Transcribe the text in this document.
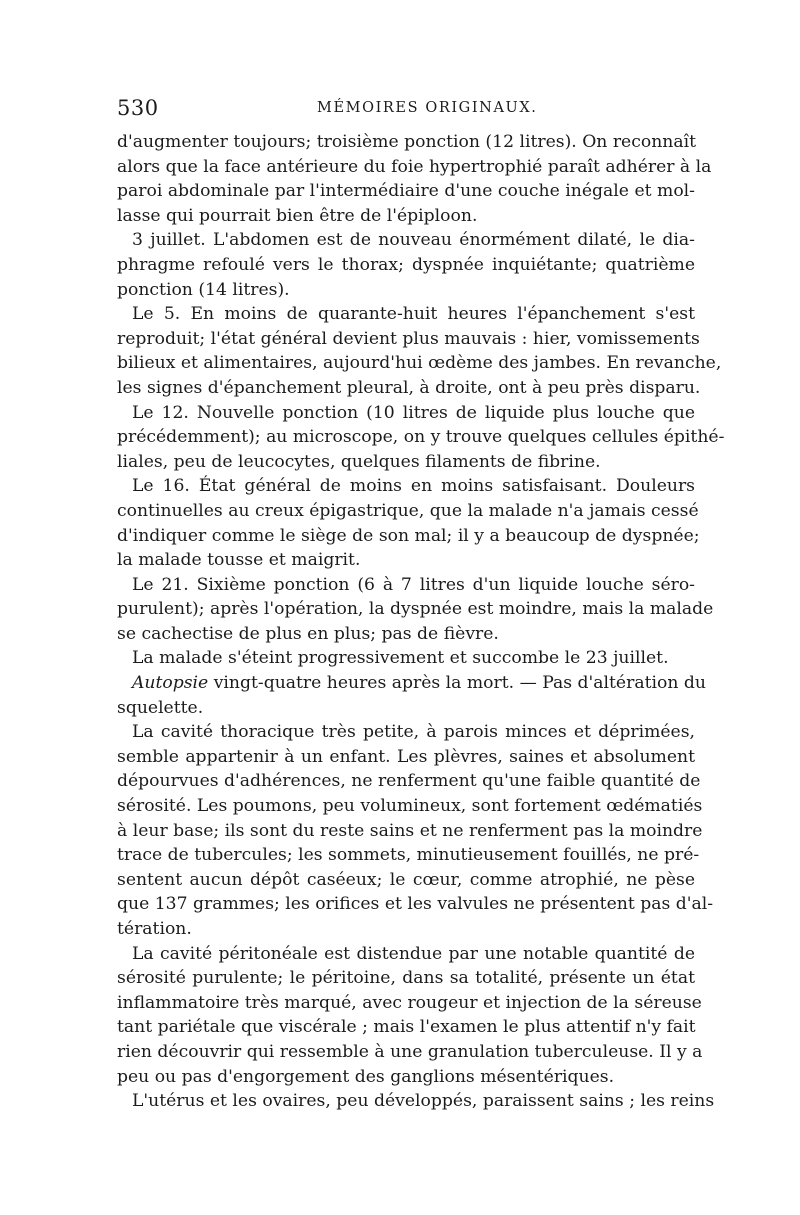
530	MÉMOIRES ORIGINAUX.
d'augmenter toujours; troisième ponction (12 litres). On reconnaît
alors que la face antérieure du foie hypertrophié paraît adhérer à la
paroi abdominale par l'intermédiaire d'une couche inégale et mol-
lasse qui pourrait bien être de l'épiploon.
3 juillet. L'abdomen est de nouveau énormément dilaté, le dia-
phragme refoulé vers le thorax; dyspnée inquiétante; quatrième
ponction (14 litres).
Le 5. En moins de quarante-huit heures l'épanchement s'est
reproduit; l'état général devient plus mauvais : hier, vomissements
bilieux et alimentaires, aujourd'hui œdème des jambes. En revanche,
les signes d'épanchement pleural, à droite, ont à peu près disparu.
Le 12. Nouvelle ponction (10 litres de liquide plus louche que
précédemment); au microscope, on y trouve quelques cellules épithé-
liales, peu de leucocytes, quelques filaments de fibrine.
Le 16. État général de moins en moins satisfaisant. Douleurs
continuelles au creux épigastrique, que la malade n'a jamais cessé
d'indiquer comme le siège de son mal; il y a beaucoup de dyspnée;
la malade tousse et maigrit.
Le 21. Sixième ponction (6 à 7 litres d'un liquide louche séro-
purulent); après l'opération, la dyspnée est moindre, mais la malade
se cachectise de plus en plus; pas de fièvre.
La malade s'éteint progressivement et succombe le 23 juillet.
Autopsie vingt-quatre heures après la mort. — Pas d'altération du
squelette.
La cavité thoracique très petite, à parois minces et déprimées,
semble appartenir à un enfant. Les plèvres, saines et absolument
dépourvues d'adhérences, ne renferment qu'une faible quantité de
sérosité. Les poumons, peu volumineux, sont fortement œdématiés
à leur base; ils sont du reste sains et ne renferment pas la moindre
trace de tubercules; les sommets, minutieusement fouillés, ne pré-
sentent aucun dépôt caséeux; le cœur, comme atrophié, ne pèse
que 137 grammes; les orifices et les valvules ne présentent pas d'al-
tération.
La cavité péritonéale est distendue par une notable quantité de
sérosité purulente; le péritoine, dans sa totalité, présente un état
inflammatoire très marqué, avec rougeur et injection de la séreuse
tant pariétale que viscérale ; mais l'examen le plus attentif n'y fait
rien découvrir qui ressemble à une granulation tuberculeuse. Il y a
peu ou pas d'engorgement des ganglions mésentériques.
L'utérus et les ovaires, peu développés, paraissent sains ; les reins
